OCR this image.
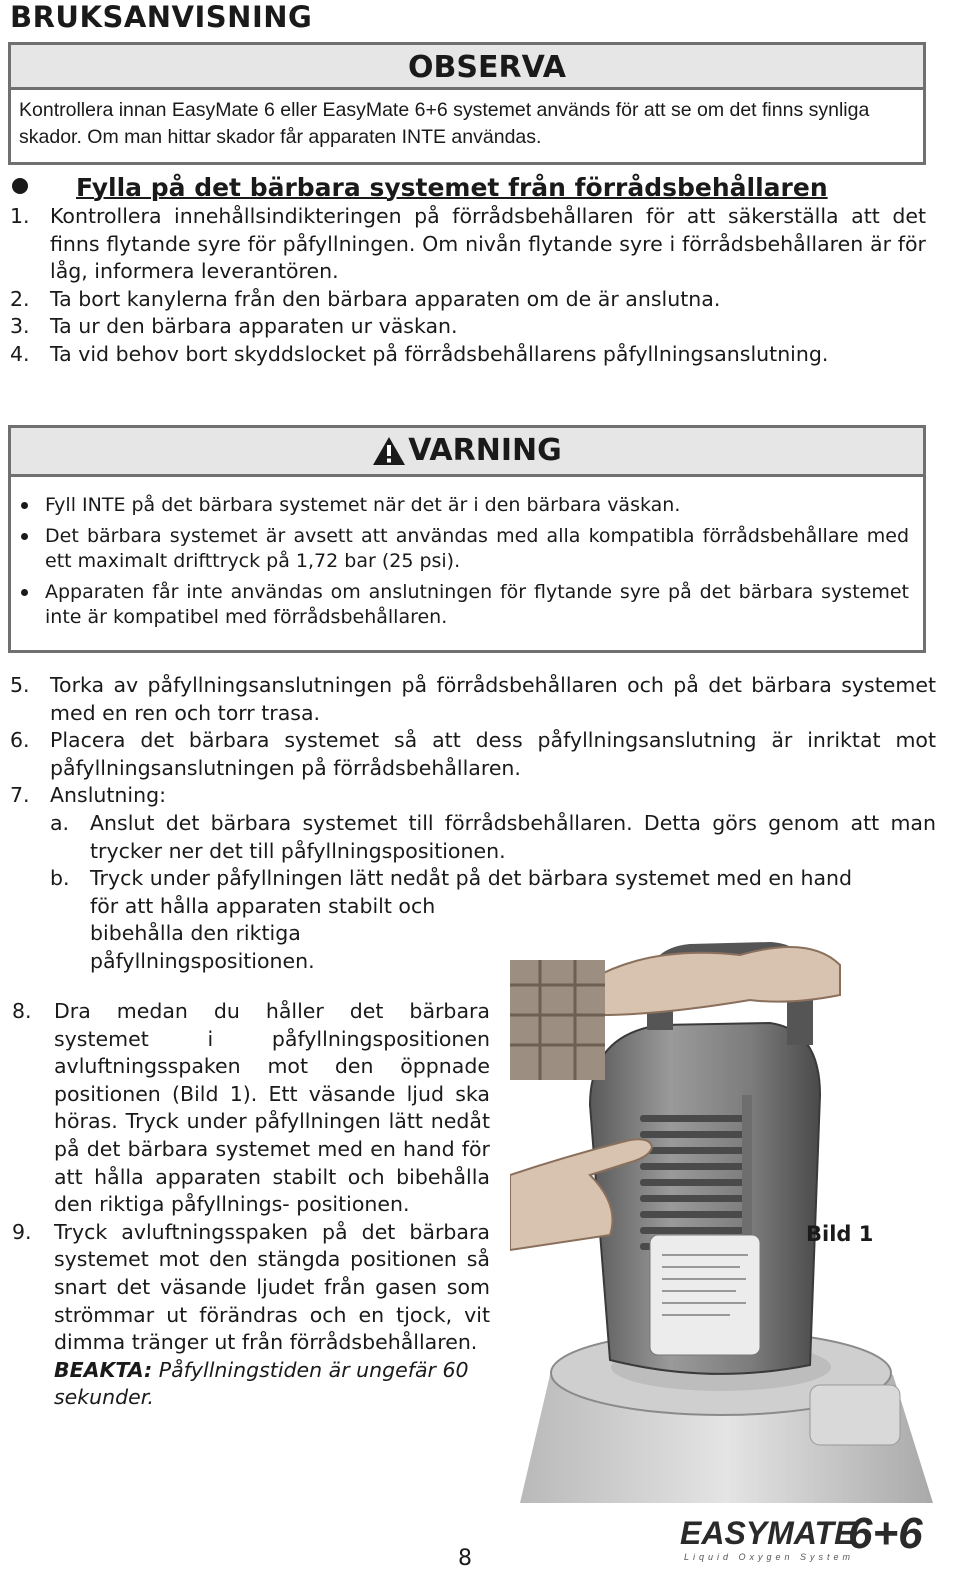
BRUKSANVISNING
OBSERVA
Kontrollera innan EasyMate 6 eller EasyMate 6+6 systemet används för att se om det finns synliga skador. Om man hittar skador får apparaten INTE användas.
Fylla på det bärbara systemet från förrådsbehållaren
1. Kontrollera innehållsindikteringen på förrådsbehållaren för att säkerställa att det finns flytande syre för påfyllningen. Om nivån flytande syre i förrådsbehållaren är för låg, informera leverantören.
2. Ta bort kanylerna från den bärbara apparaten om de är anslutna.
3. Ta ur den bärbara apparaten ur väskan.
4. Ta vid behov bort skyddslocket på förrådsbehållarens påfyllningsanslutning.
VARNING
Fyll INTE på det bärbara systemet när det är i den bärbara väskan.
Det bärbara systemet är avsett att användas med alla kompatibla förrådsbehållare med ett maximalt drifttryck på 1,72 bar (25 psi).
Apparaten får inte användas om anslutningen för flytande syre på det bärbara systemet inte är kompatibel med förrådsbehållaren.
5. Torka av påfyllningsanslutningen på förrådsbehållaren och på det bärbara systemet med en ren och torr trasa.
6. Placera det bärbara systemet så att dess påfyllningsanslutning är inriktat mot påfyllningsanslutningen på förrådsbehållaren.
7. Anslutning:
a. Anslut det bärbara systemet till förrådsbehållaren. Detta görs genom att man trycker ner det till påfyllningspositionen.
b. Tryck under påfyllningen lätt nedåt på det bärbara systemet med en hand
för att hålla apparaten stabilt och bibehålla den riktiga påfyllningspositionen.
8. Dra medan du håller det bärbara systemet i påfyllningspositionen avluftningsspaken mot den öppnade positionen (Bild 1). Ett väsande ljud ska höras. Tryck under påfyllningen lätt nedåt på det bärbara systemet med en hand för att hålla apparaten stabilt och bibehålla den riktiga påfyllnings- positionen.
9. Tryck avluftningsspaken på det bärbara systemet mot den stängda positionen så snart det väsande ljudet från gasen som strömmar ut förändras och en tjock, vit dimma tränger ut från förrådsbehållaren.
BEAKTA: Påfyllningstiden är ungefär 60 sekunder.
Bild 1
EASYMATE
6+6
Liquid Oxygen System
8
